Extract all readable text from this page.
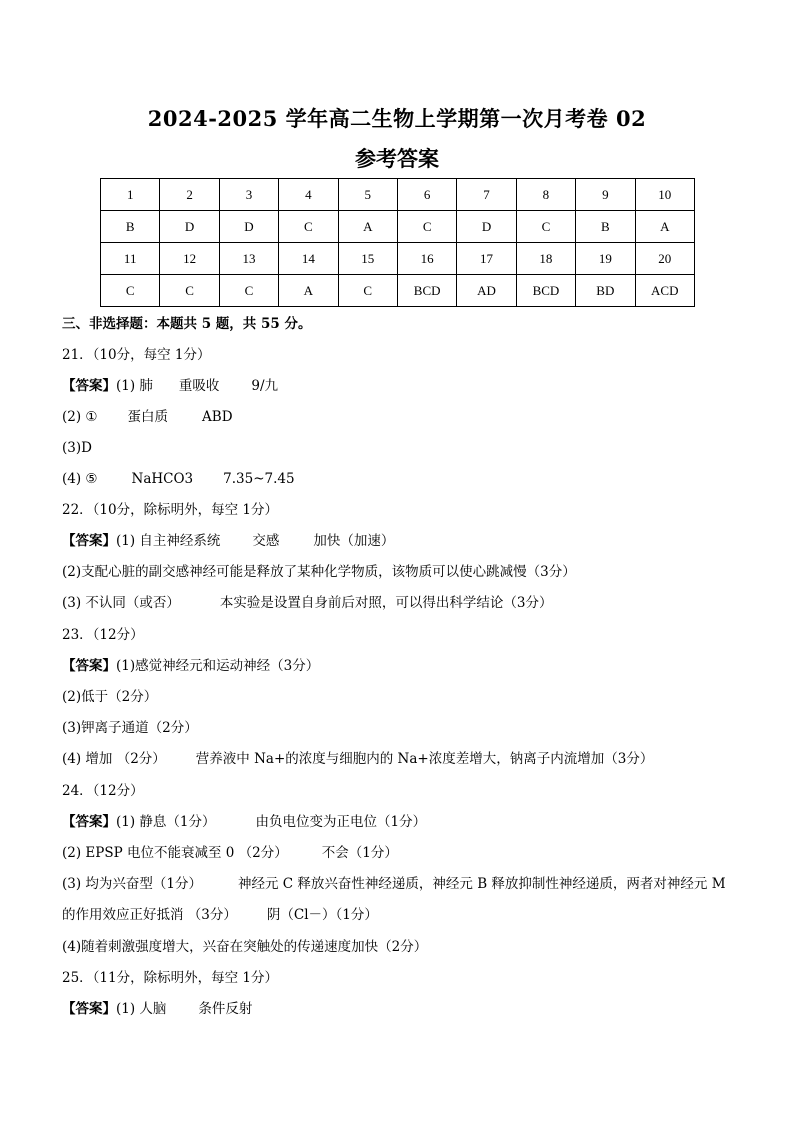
2024-2025 学年高二生物上学期第一次月考卷 02
参考答案
1	2	3	4	5	6	7	8	9	10
B	D	D	C	A	C	D	C	B	A
11	12	13	14	15	16	17	18	19	20
C	C	C	A	C	BCD	AD	BCD	BD	ACD
三、非选择题：本题共 5 题，共 55 分。
21．（10分，每空 1分）
【答案】(1) 肺 重吸收 9/九
(2) ① 蛋白质	ABD
(3)D
(4) ⑤	NaHCO3 7.35~7.45
22．（10分，除标明外，每空 1分）
【答案】(1) 自主神经系统 交感	加快（加速）
(2)支配心脏的副交感神经可能是释放了某种化学物质，该物质可以使心跳减慢（3分）
(3) 不认同（或否）	本实验是设置自身前后对照，可以得出科学结论（3分）
23．（12分）
【答案】(1)感觉神经元和运动神经（3分）
(2)低于（2分）
(3)钾离子通道（2分）
(4) 增加 （2分） 营养液中 Na+的浓度与细胞内的 Na+浓度差增大，钠离子内流增加（3分）
24．（12分）
【答案】(1) 静息（1分）	由负电位变为正电位（1分）
(2) EPSP 电位不能衰减至 0 （2分）	不会（1分）
(3) 均为兴奋型（1分）	神经元 C 释放兴奋性神经递质，神经元 B 释放抑制性神经递质，两者对神经元 M 的作用效应正好抵消 （3分） 阴（Cl－）（1分）
(4)随着刺激强度增大，兴奋在突触处的传递速度加快（2分）
25．（11分，除标明外，每空 1分）
【答案】(1) 人脑 条件反射
